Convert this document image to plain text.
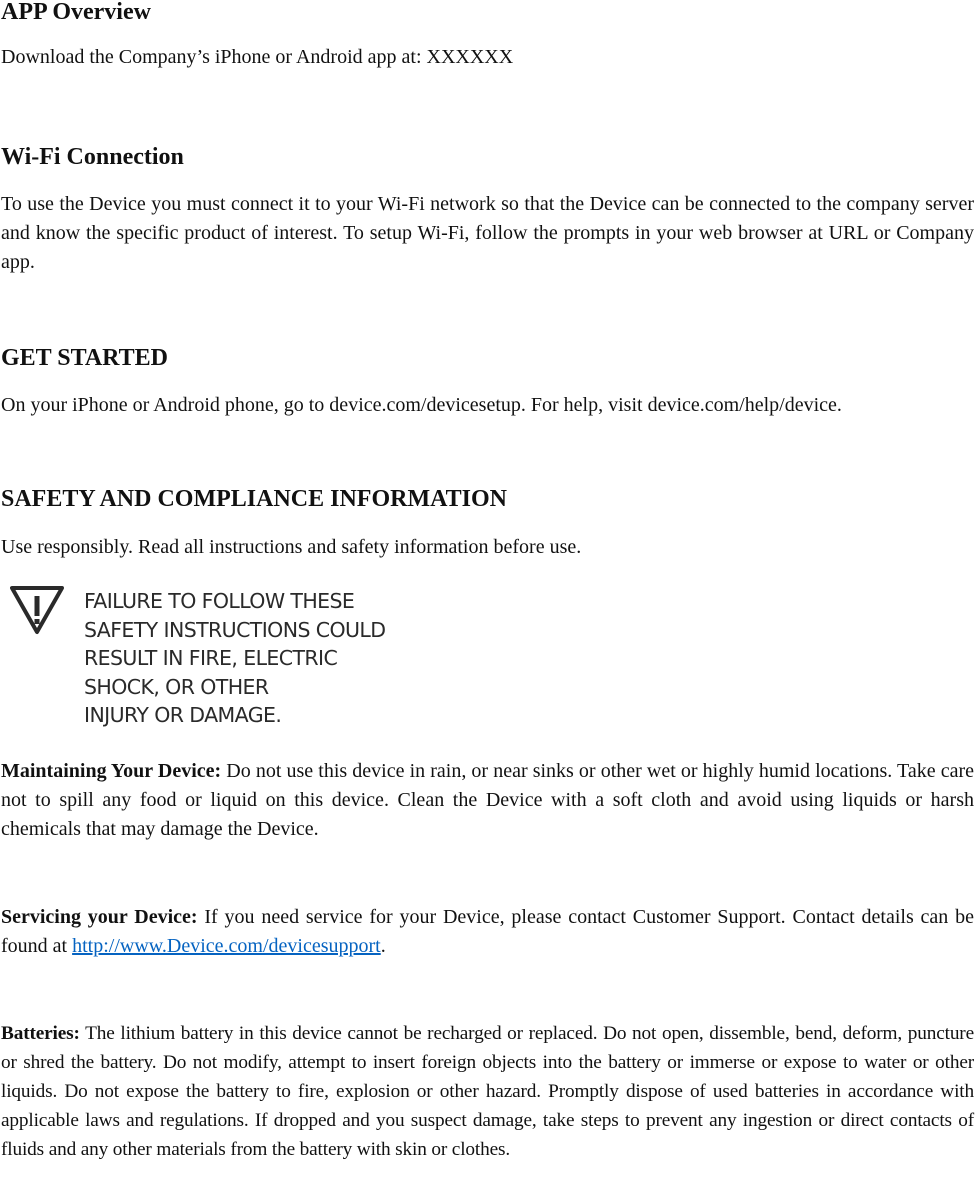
APP Overview

Download the Company’s iPhone or Android app at: XXXXXX

Wi-Fi Connection

To use the Device you must connect it to your Wi-Fi network so that the Device can be connected to the company server and know the specific product of interest. To setup Wi-Fi, follow the prompts in your web browser at URL or Company app.

GET STARTED

On your iPhone or Android phone, go to device.com/devicesetup. For help, visit device.com/help/device.

SAFETY AND COMPLIANCE INFORMATION

Use responsibly. Read all instructions and safety information before use.

FAILURE TO FOLLOW THESE
SAFETY INSTRUCTIONS COULD
RESULT IN FIRE, ELECTRIC
SHOCK, OR OTHER
INJURY OR DAMAGE.

Maintaining Your Device: Do not use this device in rain, or near sinks or other wet or highly humid locations. Take care not to spill any food or liquid on this device. Clean the Device with a soft cloth and avoid using liquids or harsh chemicals that may damage the Device.

Servicing your Device: If you need service for your Device, please contact Customer Support. Contact details can be found at http://www.Device.com/devicesupport.

Batteries: The lithium battery in this device cannot be recharged or replaced. Do not open, dissemble, bend, deform, puncture or shred the battery. Do not modify, attempt to insert foreign objects into the battery or immerse or expose to water or other liquids. Do not expose the battery to fire, explosion or other hazard. Promptly dispose of used batteries in accordance with applicable laws and regulations. If dropped and you suspect damage, take steps to prevent any ingestion or direct contacts of fluids and any other materials from the battery with skin or clothes.
